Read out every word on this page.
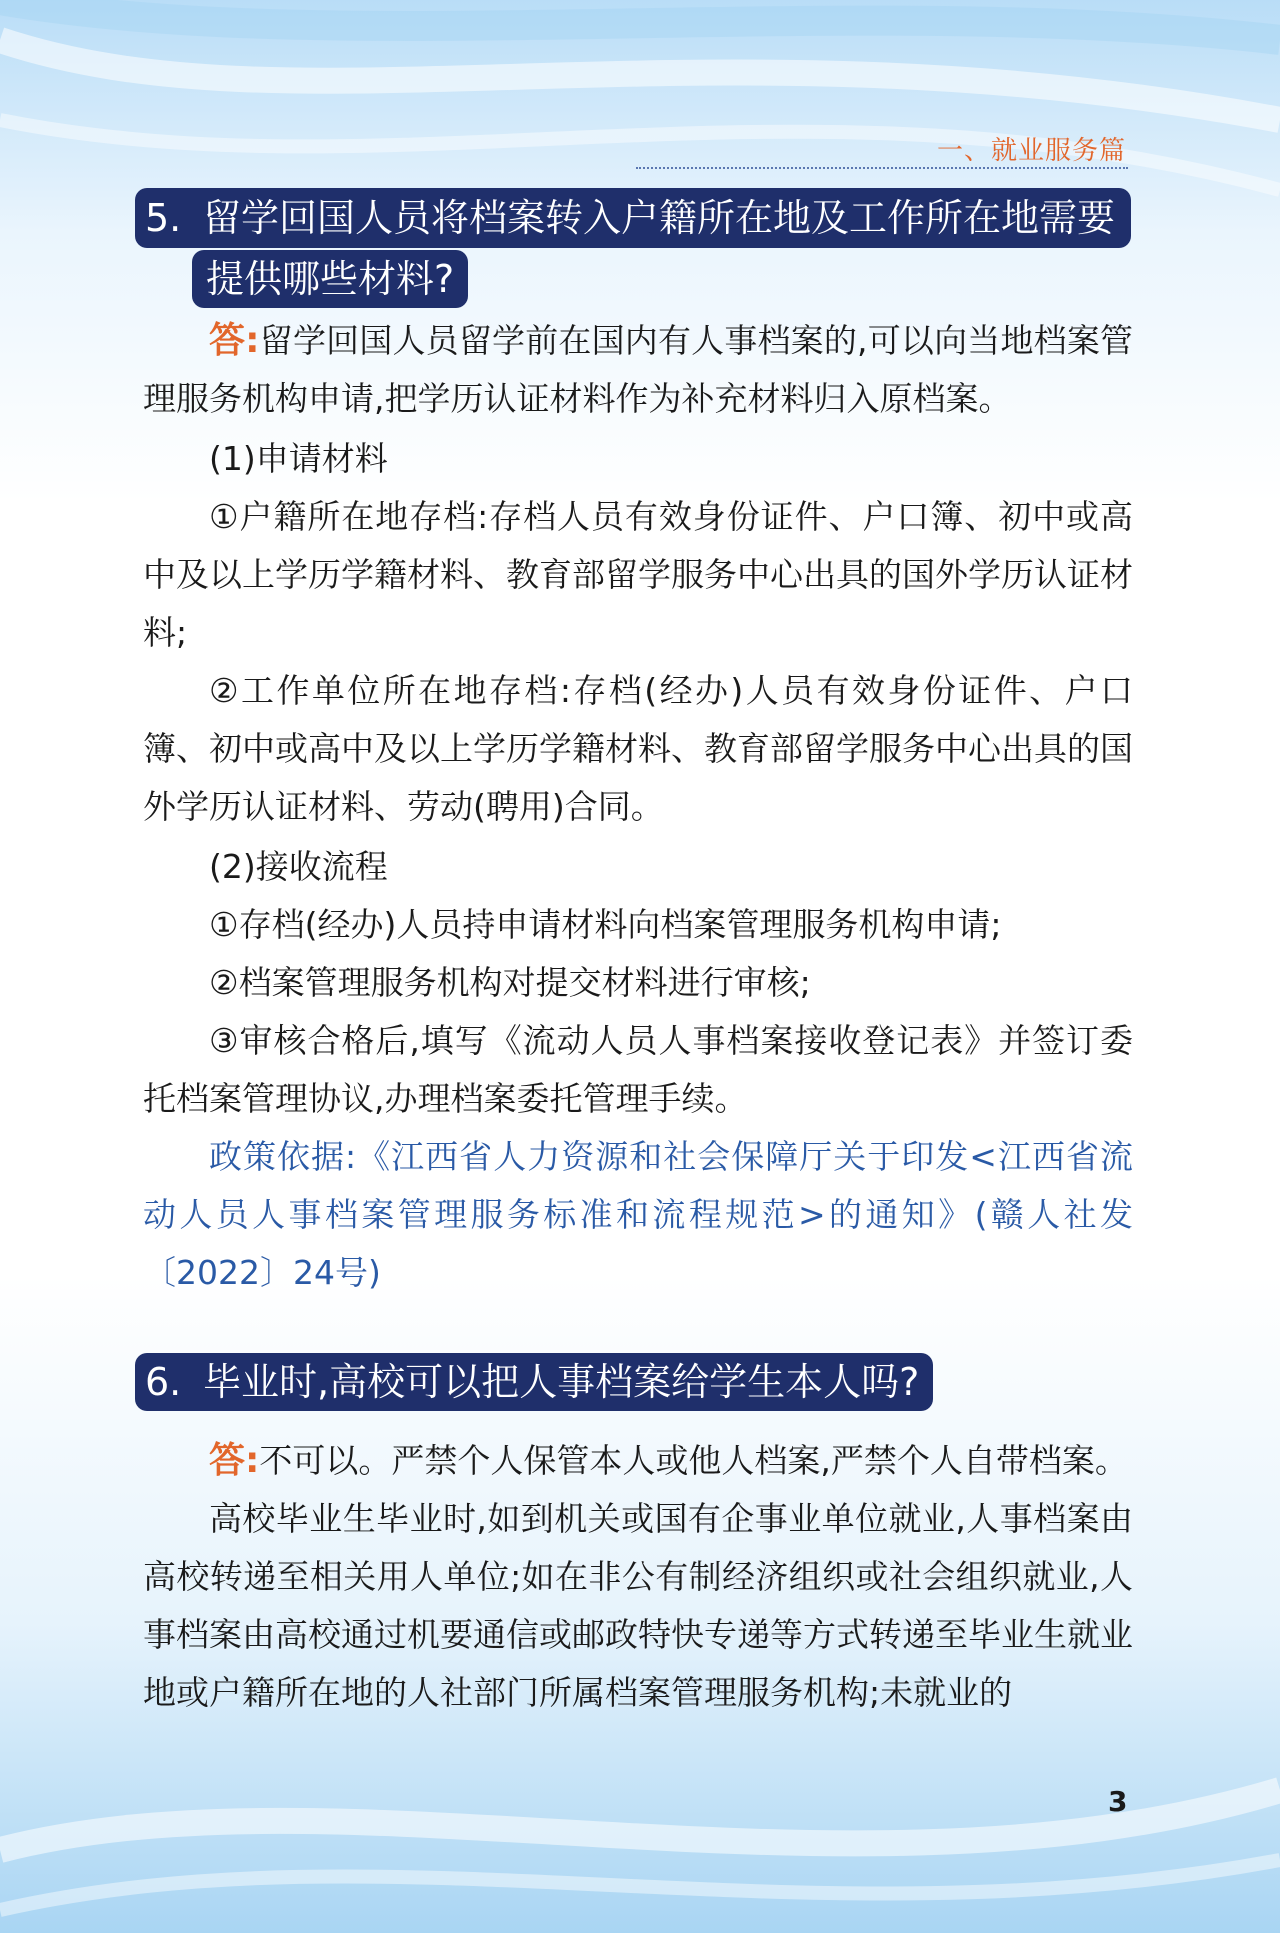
一、就业服务篇
5. 留学回国人员将档案转入户籍所在地及工作所在地需要
提供哪些材料?
答:留学回国人员留学前在国内有人事档案的,可以向当地档案管理服务机构申请,把学历认证材料作为补充材料归入原档案。
(1)申请材料
①户籍所在地存档:存档人员有效身份证件、户口簿、初中或高中及以上学历学籍材料、教育部留学服务中心出具的国外学历认证材料;
②工作单位所在地存档:存档(经办)人员有效身份证件、户口簿、初中或高中及以上学历学籍材料、教育部留学服务中心出具的国外学历认证材料、劳动(聘用)合同。
(2)接收流程
①存档(经办)人员持申请材料向档案管理服务机构申请;
②档案管理服务机构对提交材料进行审核;
③审核合格后,填写《流动人员人事档案接收登记表》并签订委托档案管理协议,办理档案委托管理手续。
政策依据:《江西省人力资源和社会保障厅关于印发<江西省流动人员人事档案管理服务标准和流程规范>的通知》(赣人社发〔2022〕24号)
6. 毕业时,高校可以把人事档案给学生本人吗?
答:不可以。严禁个人保管本人或他人档案,严禁个人自带档案。
高校毕业生毕业时,如到机关或国有企事业单位就业,人事档案由高校转递至相关用人单位;如在非公有制经济组织或社会组织就业,人事档案由高校通过机要通信或邮政特快专递等方式转递至毕业生就业地或户籍所在地的人社部门所属档案管理服务机构;未就业的
3
